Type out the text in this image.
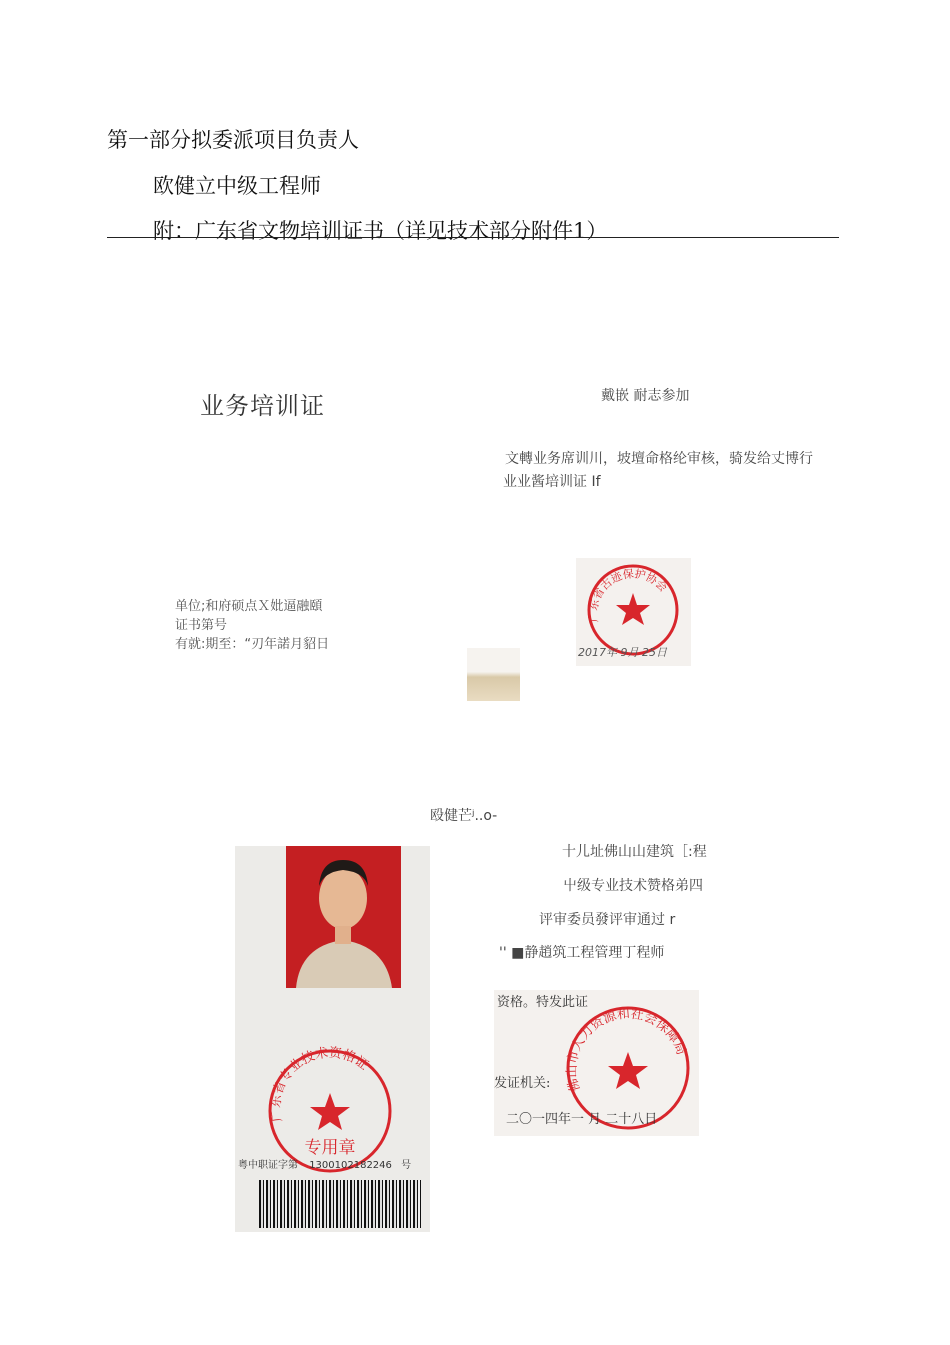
第一部分拟委派项目负责人
欧健立中级工程师
附：广东省文物培训证书（详见技术部分附件1）
业务培训证	戴嵌 耐志参加
文轉业务席训川，坡壇命格纶审核，骑发给丈博行
业业酱培训证 If
单位;和府硕点Ｘ妣逼融頤
证书第号
有就:期至：“刃年諾月貂日
广东省古迹保护协会
2017年 9月 25日
殴健芒ʲ..o-
十儿址佛山山建筑［:程
屮级专业技术赞格弟四
评审委员發评审通过 r
'' ■静趙筑工程管理丁程师
广东省专业技术资格证
专用章
粤中职证字第 1300102182246 号
资格。特发此证
发证机关: 佛山市人力资源和社会保障局
二〇一四年一 月 二十八日
